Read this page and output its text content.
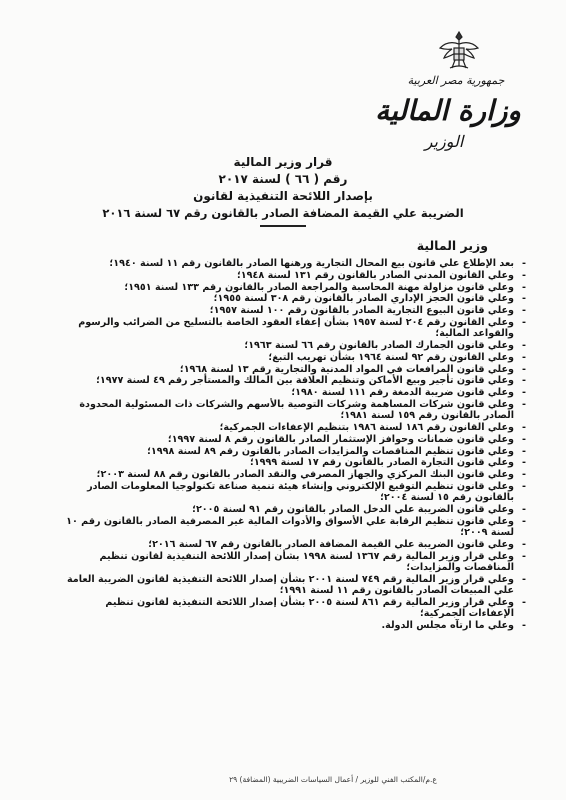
جمهورية مصر العربية
وزارة المالية
الوزير
قرار وزير المالية
رقم ( ٦٦ ) لسنة ٢٠١٧
بإصدار اللائحة التنفيذية لقانون
الضريبة علي القيمة المضافة الصادر بالقانون رقم ٦٧ لسنة ٢٠١٦
وزير المالية
- بعد الإطلاع علي قانون بيع المحال التجارية ورهنها الصادر بالقانون رقم ١١ لسنة ١٩٤٠؛
- وعلي القانون المدني الصادر بالقانون رقم ١٣١ لسنة ١٩٤٨؛
- وعلي قانون مزاولة مهنة المحاسبة والمراجعة الصادر بالقانون رقم ١٣٣ لسنة ١٩٥١؛
- وعلي قانون الحجز الإداري الصادر بالقانون رقم ٣٠٨ لسنة ١٩٥٥؛
- وعلي قانون البيوع التجارية الصادر بالقانون رقم ١٠٠ لسنة ١٩٥٧؛
- وعلي القانون رقم ٢٠٤ لسنة ١٩٥٧ بشأن إعفاء العقود الخاصة بالتسليح من الضرائب والرسوم والقواعد المالية؛
- وعلي قانون الجمارك الصادر بالقانون رقم ٦٦ لسنة ١٩٦٣؛
- وعلي القانون رقم ٩٢ لسنة ١٩٦٤ بشأن تهريب التبغ؛
- وعلي قانون المرافعات في المواد المدنية والتجارية رقم ١٣ لسنة ١٩٦٨؛
- وعلي قانون تأجير وبيع الأماكن وتنظيم العلاقة بين المالك والمستأجر رقم ٤٩ لسنة ١٩٧٧؛
- وعلي قانون ضريبة الدمغة رقم ١١١ لسنة ١٩٨٠؛
- وعلي قانون شركات المساهمة وشركات التوصية بالأسهم والشركات ذات المسئولية المحدودة الصادر بالقانون رقم ١٥٩ لسنة ١٩٨١؛
- وعلي القانون رقم ١٨٦ لسنة ١٩٨٦ بتنظيم الإعفاءات الجمركية؛
- وعلي قانون ضمانات وحوافز الإستثمار الصادر بالقانون رقم ٨ لسنة ١٩٩٧؛
- وعلي قانون تنظيم المناقصات والمزايدات الصادر بالقانون رقم ٨٩ لسنة ١٩٩٨؛
- وعلي قانون التجارة الصادر بالقانون رقم ١٧ لسنة ١٩٩٩؛
- وعلي قانون البنك المركزي والجهاز المصرفي والنقد الصادر بالقانون رقم ٨٨ لسنة ٢٠٠٣؛
- وعلي قانون تنظيم التوقيع الإلكتروني وإنشاء هيئة تنمية صناعة تكنولوجيا المعلومات الصادر بالقانون رقم ١٥ لسنة ٢٠٠٤؛
- وعلي قانون الضريبة علي الدخل الصادر بالقانون رقم ٩١ لسنة ٢٠٠٥؛
- وعلي قانون تنظيم الرقابة علي الأسواق والأدوات المالية غير المصرفية الصادر بالقانون رقم ١٠ لسنة ٢٠٠٩؛
- وعلي قانون الضريبة علي القيمة المضافة الصادر بالقانون رقم ٦٧ لسنة ٢٠١٦؛
- وعلي قرار وزير المالية رقم ١٣٦٧ لسنة ١٩٩٨ بشأن إصدار اللائحة التنفيذية لقانون تنظيم المناقصات والمزايدات؛
- وعلي قرار وزير المالية رقم ٧٤٩ لسنة ٢٠٠١ بشأن إصدار اللائحة التنفيذية لقانون الضريبة العامة علي المبيعات الصادر بالقانون رقم ١١ لسنة ١٩٩١؛
- وعلي قرار وزير المالية رقم ٨٦١ لسنة ٢٠٠٥ بشأن إصدار اللائحة التنفيذية لقانون تنظيم الإعفاءات الجمركية؛
- وعلي ما ارتآه مجلس الدولة.
ع.م/المكتب الفني للوزير / أعمال السياسات الضريبية (المضافة) ٢٩
